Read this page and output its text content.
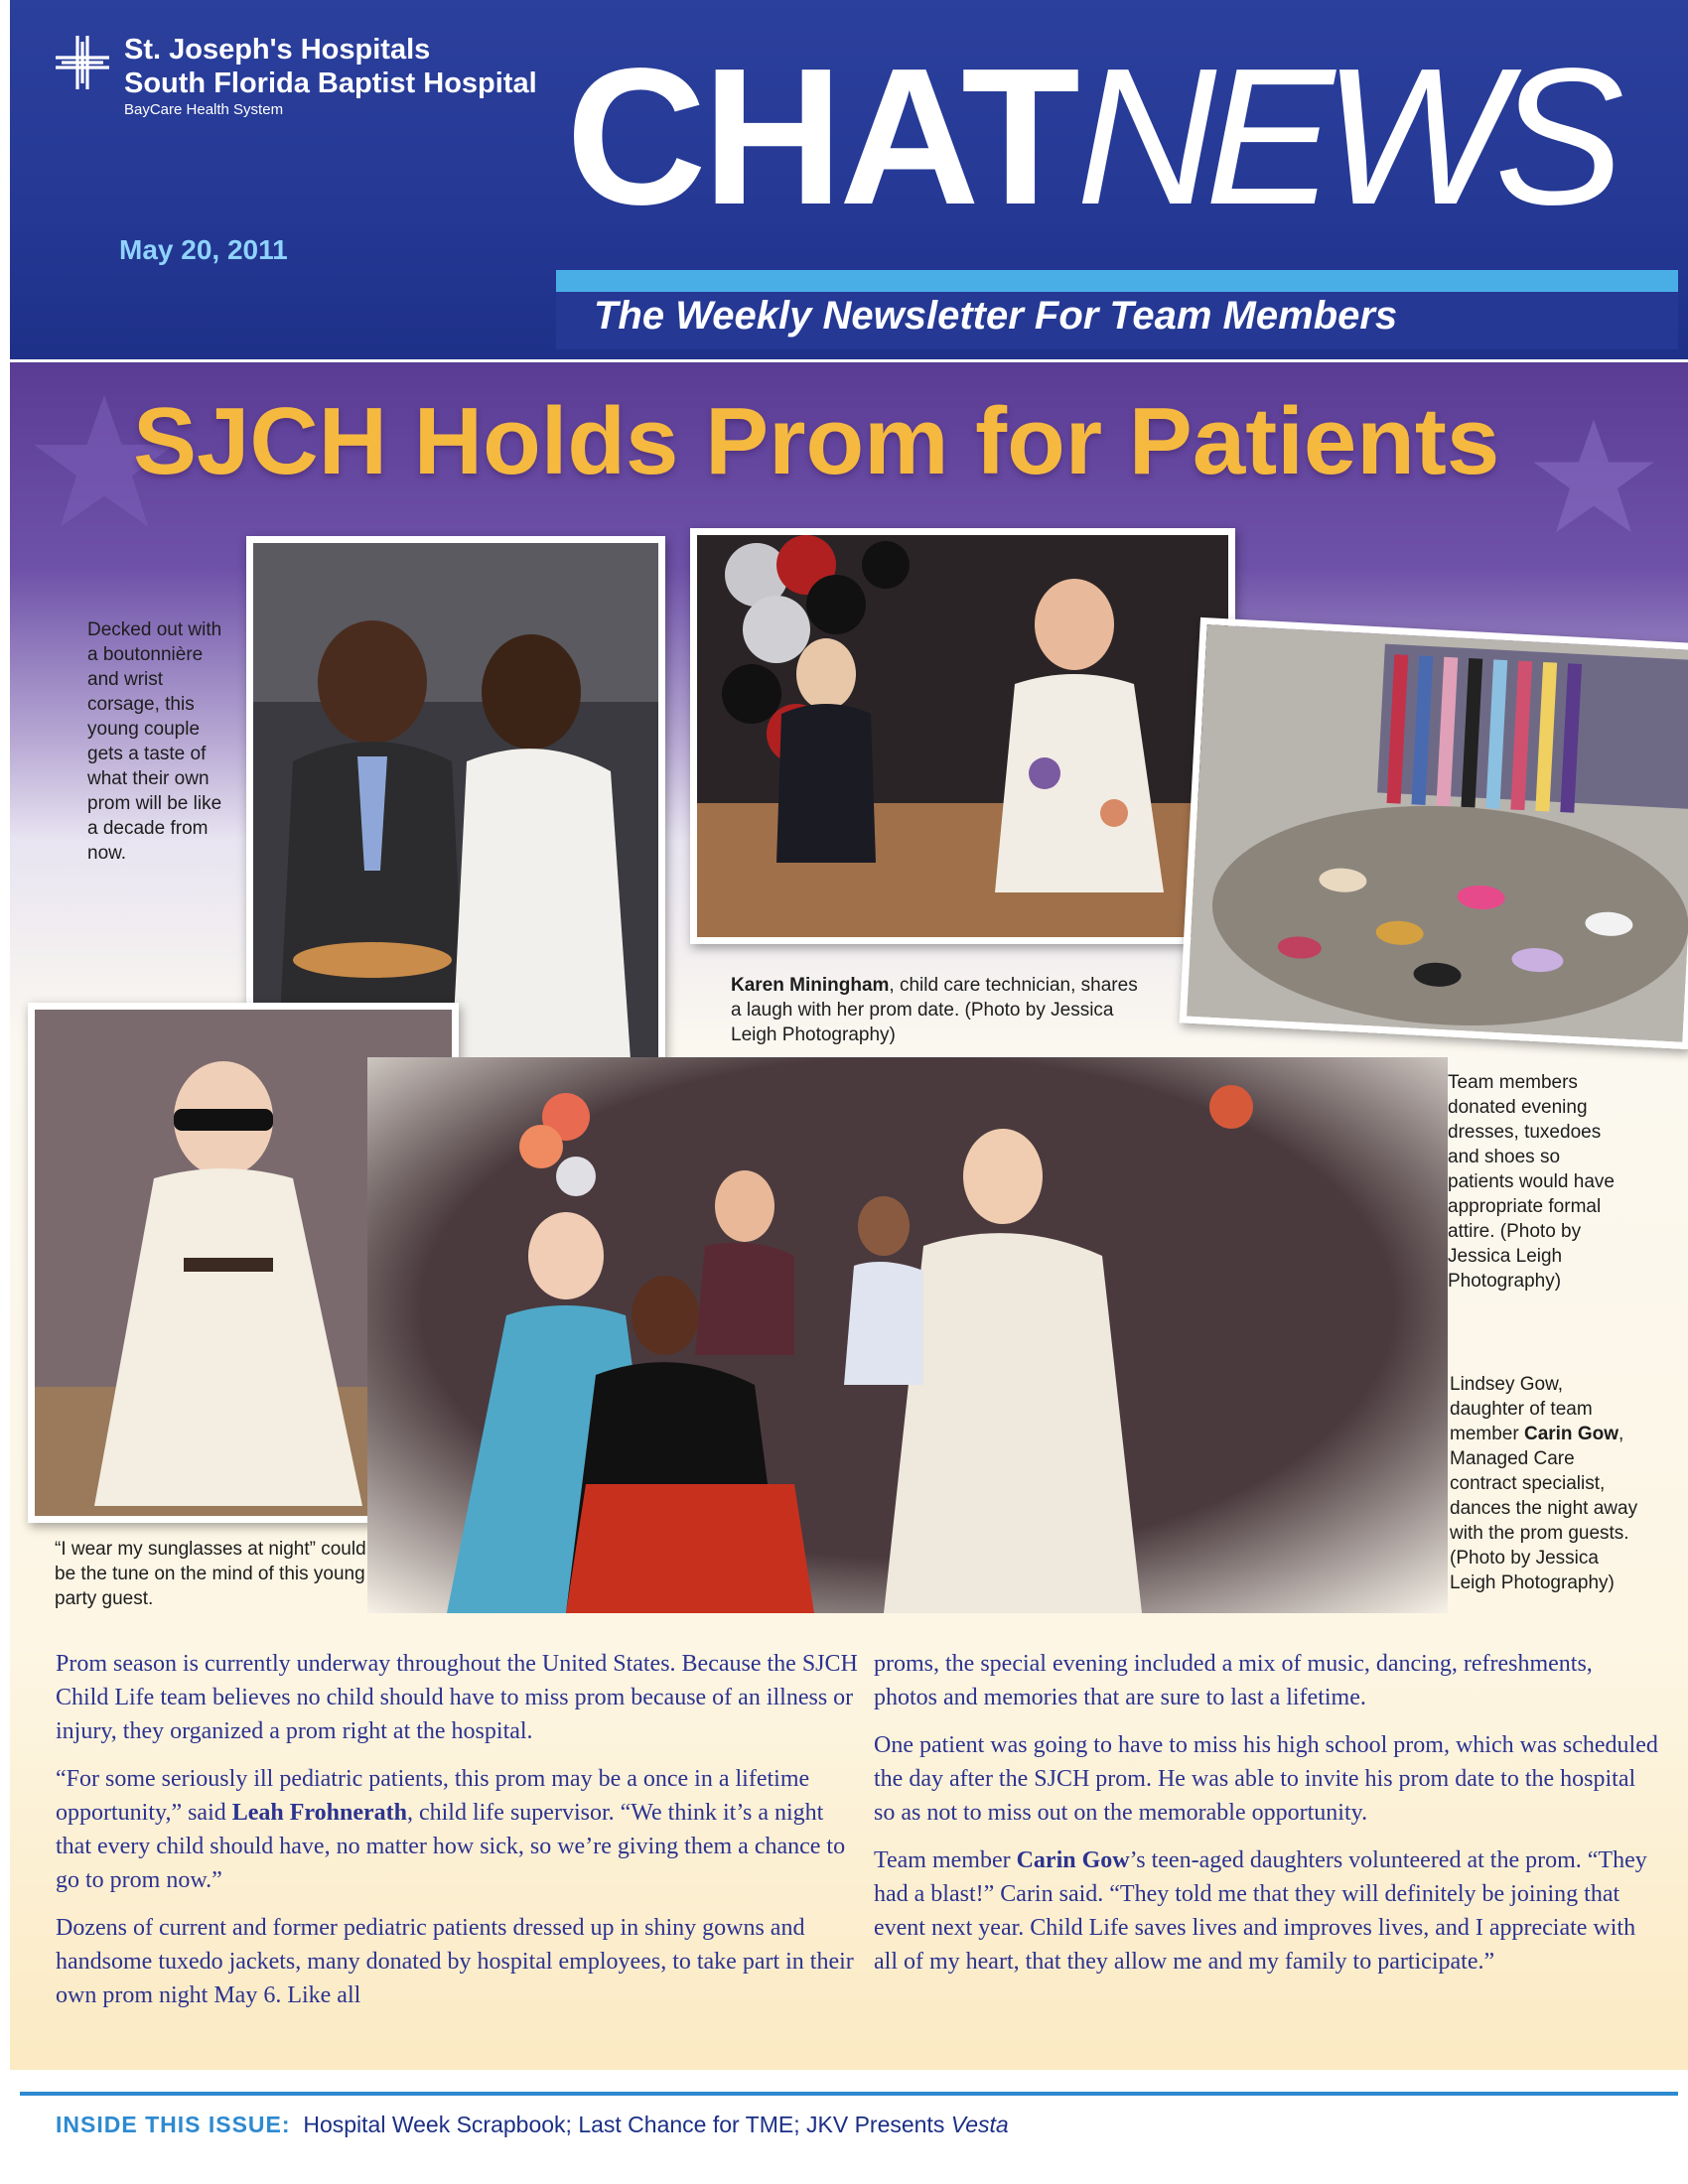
St. Joseph's Hospitals
South Florida Baptist Hospital
BayCare Health System CHATNEWS
May 20, 2011
The Weekly Newsletter For Team Members
SJCH Holds Prom for Patients
Decked out with a boutonnière and wrist corsage, this young couple gets a taste of what their own prom will be like a decade from now.
Karen Miningham, child care technician, shares a laugh with her prom date. (Photo by Jessica Leigh Photography)
Team members donated evening dresses, tuxedoes and shoes so patients would have appropriate formal attire. (Photo by Jessica Leigh Photography)
“I wear my sunglasses at night” could be the tune on the mind of this young party guest.
Lindsey Gow, daughter of team member Carin Gow, Managed Care contract specialist, dances the night away with the prom guests. (Photo by Jessica Leigh Photography)

Prom season is currently underway throughout the United States. Because the SJCH Child Life team believes no child should have to miss prom because of an illness or injury, they organized a prom right at the hospital.

“For some seriously ill pediatric patients, this prom may be a once in a lifetime opportunity,” said Leah Frohnerath, child life supervisor. “We think it’s a night that every child should have, no matter how sick, so we’re giving them a chance to go to prom now.”

Dozens of current and former pediatric patients dressed up in shiny gowns and handsome tuxedo jackets, many donated by hospital employees, to take part in their own prom night May 6. Like all

proms, the special evening included a mix of music, dancing, refreshments, photos and memories that are sure to last a lifetime.

One patient was going to have to miss his high school prom, which was scheduled the day after the SJCH prom. He was able to invite his prom date to the hospital so as not to miss out on the memorable opportunity.

Team member Carin Gow’s teen-aged daughters volunteered at the prom. “They had a blast!” Carin said. “They told me that they will definitely be joining that event next year. Child Life saves lives and improves lives, and I appreciate with all of my heart, that they allow me and my family to participate.”

INSIDE THIS ISSUE: Hospital Week Scrapbook; Last Chance for TME; JKV Presents Vesta
